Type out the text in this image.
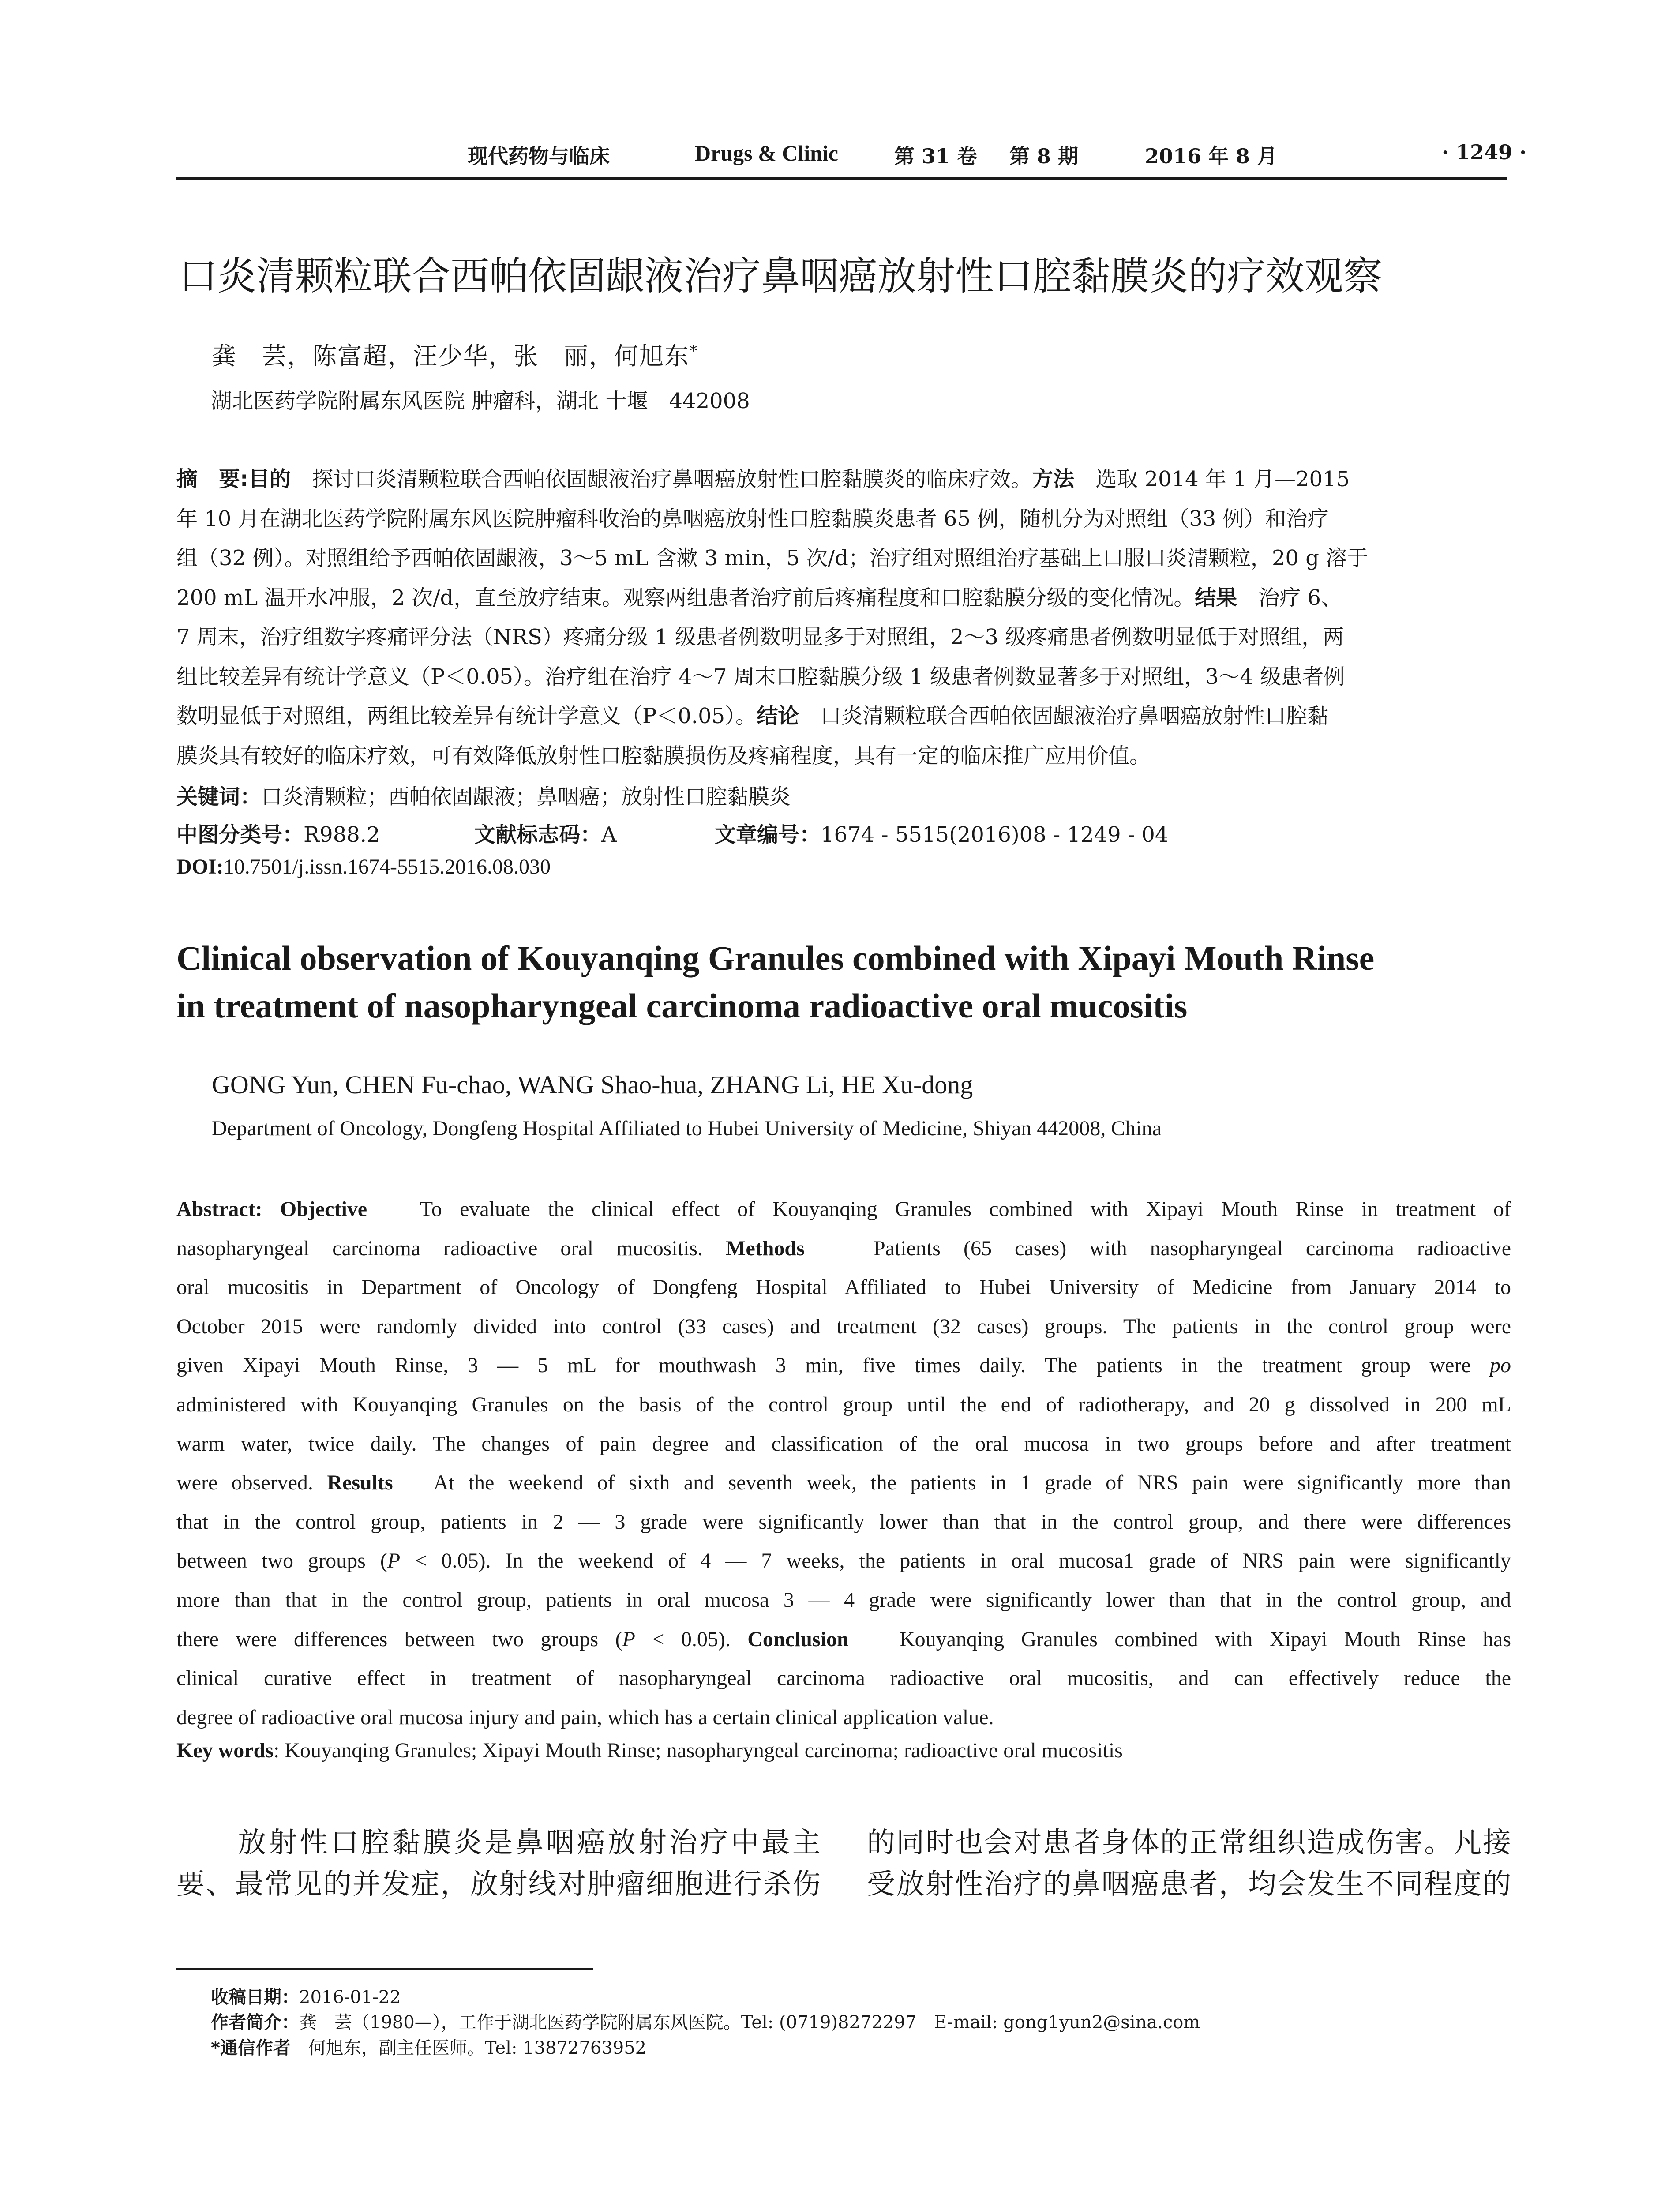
现代药物与临床	Drugs & Clinic	第 31 卷 第 8 期	2016 年 8 月	· 1249 ·
口炎清颗粒联合西帕依固龈液治疗鼻咽癌放射性口腔黏膜炎的疗效观察
龚　芸，陈富超，汪少华，张　丽，何旭东*
湖北医药学院附属东风医院 肿瘤科，湖北 十堰　442008
摘　要:目的　探讨口炎清颗粒联合西帕依固龈液治疗鼻咽癌放射性口腔黏膜炎的临床疗效。方法　选取 2014 年 1 月—2015
年 10 月在湖北医药学院附属东风医院肿瘤科收治的鼻咽癌放射性口腔黏膜炎患者 65 例，随机分为对照组（33 例）和治疗
组（32 例）。对照组给予西帕依固龈液，3～5 mL 含漱 3 min，5 次/d；治疗组对照组治疗基础上口服口炎清颗粒，20 g 溶于
200 mL 温开水冲服，2 次/d，直至放疗结束。观察两组患者治疗前后疼痛程度和口腔黏膜分级的变化情况。结果　治疗 6、
7 周末，治疗组数字疼痛评分法（NRS）疼痛分级 1 级患者例数明显多于对照组，2～3 级疼痛患者例数明显低于对照组，两
组比较差异有统计学意义（P＜0.05）。治疗组在治疗 4～7 周末口腔黏膜分级 1 级患者例数显著多于对照组，3～4 级患者例
数明显低于对照组，两组比较差异有统计学意义（P＜0.05）。结论　口炎清颗粒联合西帕依固龈液治疗鼻咽癌放射性口腔黏
膜炎具有较好的临床疗效，可有效降低放射性口腔黏膜损伤及疼痛程度，具有一定的临床推广应用价值。
关键词：口炎清颗粒；西帕依固龈液；鼻咽癌；放射性口腔黏膜炎
中图分类号：R988.2	文献标志码：A	文章编号：1674 - 5515(2016)08 - 1249 - 04
DOI:10.7501/j.issn.1674-5515.2016.08.030
Clinical observation of Kouyanqing Granules combined with Xipayi Mouth Rinse
in treatment of nasopharyngeal carcinoma radioactive oral mucositis
GONG Yun, CHEN Fu-chao, WANG Shao-hua, ZHANG Li, HE Xu-dong
Department of Oncology, Dongfeng Hospital Affiliated to Hubei University of Medicine, Shiyan 442008, China
Abstract: Objective To evaluate the clinical effect of Kouyanqing Granules combined with Xipayi Mouth Rinse in treatment of
nasopharyngeal carcinoma radioactive oral mucositis. Methods	Patients (65 cases) with nasopharyngeal carcinoma radioactive
oral mucositis in Department of Oncology of Dongfeng Hospital Affiliated to Hubei University of Medicine from January 2014 to
October 2015 were randomly divided into control (33 cases) and treatment (32 cases) groups. The patients in the control group were
given Xipayi Mouth Rinse, 3 — 5 mL for mouthwash 3 min, five times daily. The patients in the treatment group were po
administered with Kouyanqing Granules on the basis of the control group until the end of radiotherapy, and 20 g dissolved in 200 mL
warm water, twice daily. The changes of pain degree and classification of the oral mucosa in two groups before and after treatment
were observed. Results At the weekend of sixth and seventh week, the patients in 1 grade of NRS pain were significantly more than
that in the control group, patients in 2 — 3 grade were significantly lower than that in the control group, and there were differences
between two groups (P < 0.05). In the weekend of 4 — 7 weeks, the patients in oral mucosa1 grade of NRS pain were significantly
more than that in the control group, patients in oral mucosa 3 — 4 grade were significantly lower than that in the control group, and
there were differences between two groups (P < 0.05). Conclusion Kouyanqing Granules combined with Xipayi Mouth Rinse has
clinical curative effect in treatment of nasopharyngeal carcinoma radioactive oral mucositis, and can effectively reduce the
degree of radioactive oral mucosa injury and pain, which has a certain clinical application value.
Key words: Kouyanqing Granules; Xipayi Mouth Rinse; nasopharyngeal carcinoma; radioactive oral mucositis
　　放射性口腔黏膜炎是鼻咽癌放射治疗中最主
要、最常见的并发症，放射线对肿瘤细胞进行杀伤
的同时也会对患者身体的正常组织造成伤害。凡接
受放射性治疗的鼻咽癌患者，均会发生不同程度的
收稿日期：2016-01-22
作者简介：龚　芸（1980—），工作于湖北医药学院附属东风医院。Tel: (0719)8272297　E-mail: gong1yun2@sina.com
*通信作者　何旭东，副主任医师。Tel: 13872763952
